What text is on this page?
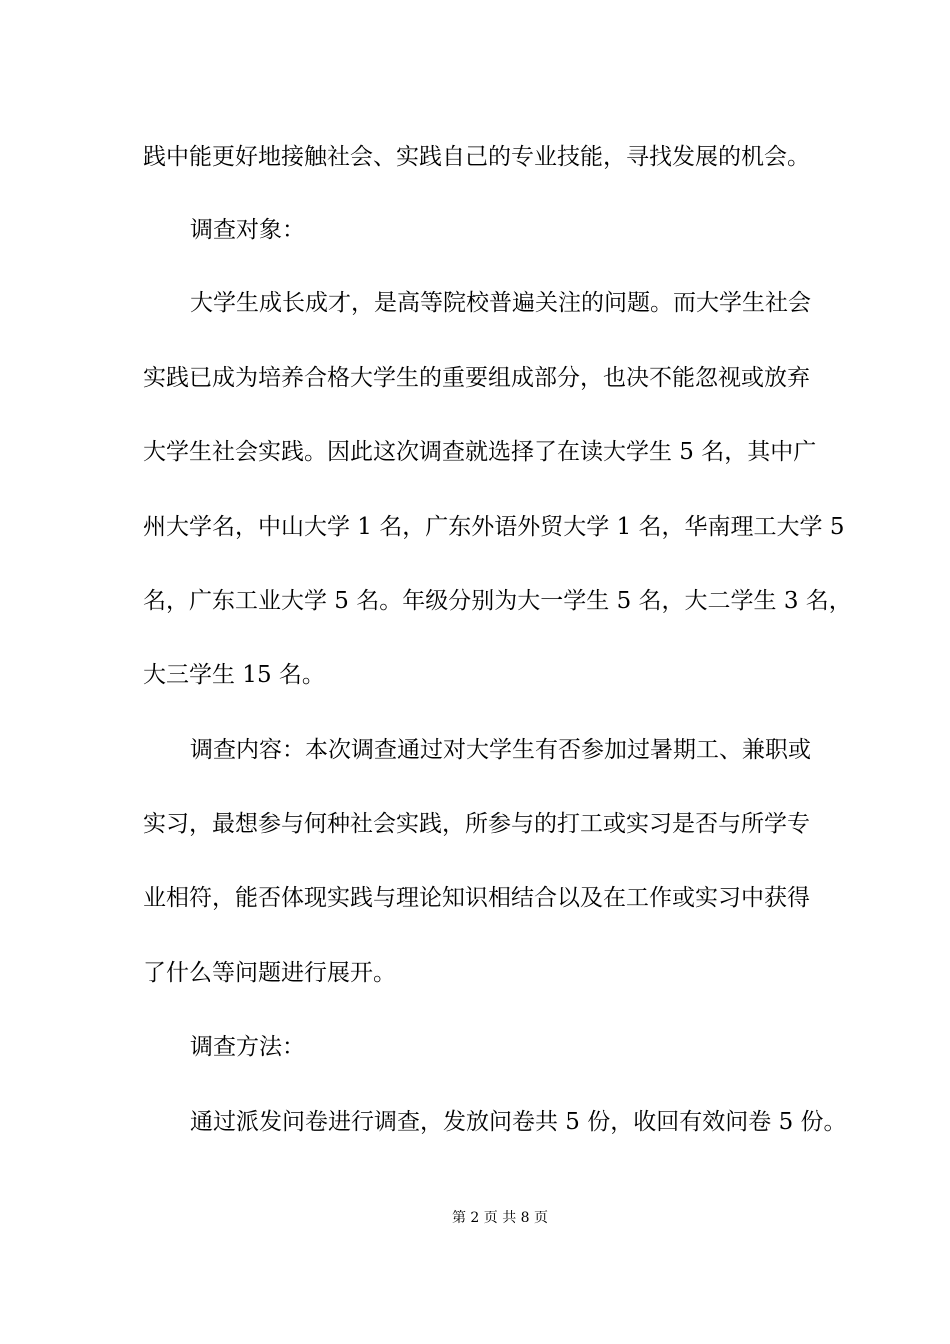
践中能更好地接触社会、实践自己的专业技能，寻找发展的机会。
调查对象：
大学生成长成才，是高等院校普遍关注的问题。而大学生社会
实践已成为培养合格大学生的重要组成部分，也决不能忽视或放弃
大学生社会实践。因此这次调查就选择了在读大学生 5 名，其中广
州大学名，中山大学 1 名，广东外语外贸大学 1 名，华南理工大学 5
名，广东工业大学 5 名。年级分别为大一学生 5 名，大二学生 3 名，
大三学生 15 名。
调查内容：本次调查通过对大学生有否参加过暑期工、兼职或
实习，最想参与何种社会实践，所参与的打工或实习是否与所学专
业相符，能否体现实践与理论知识相结合以及在工作或实习中获得
了什么等问题进行展开。
调查方法：
通过派发问卷进行调查，发放问卷共 5 份，收回有效问卷 5 份。
第 2 页 共 8 页
